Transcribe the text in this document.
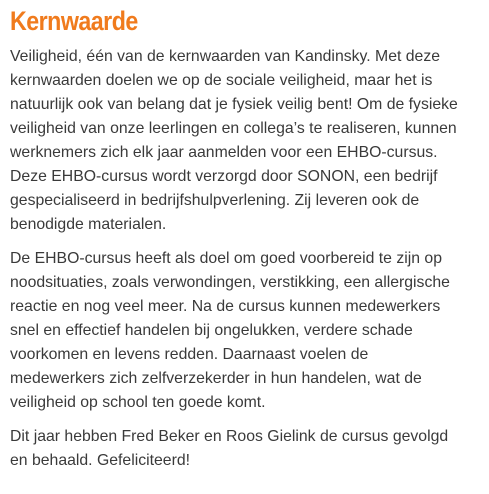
Kernwaarde

Veiligheid, één van de kernwaarden van Kandinsky. Met deze
kernwaarden doelen we op de sociale veiligheid, maar het is
natuurlijk ook van belang dat je fysiek veilig bent! Om de fysieke
veiligheid van onze leerlingen en collega’s te realiseren, kunnen
werknemers zich elk jaar aanmelden voor een EHBO-cursus.
Deze EHBO-cursus wordt verzorgd door SONON, een bedrijf
gespecialiseerd in bedrijfshulpverlening. Zij leveren ook de
benodigde materialen.

De EHBO-cursus heeft als doel om goed voorbereid te zijn op
noodsituaties, zoals verwondingen, verstikking, een allergische
reactie en nog veel meer. Na de cursus kunnen medewerkers
snel en effectief handelen bij ongelukken, verdere schade
voorkomen en levens redden. Daarnaast voelen de
medewerkers zich zelfverzekerder in hun handelen, wat de
veiligheid op school ten goede komt.

Dit jaar hebben Fred Beker en Roos Gielink de cursus gevolgd
en behaald. Gefeliciteerd!
